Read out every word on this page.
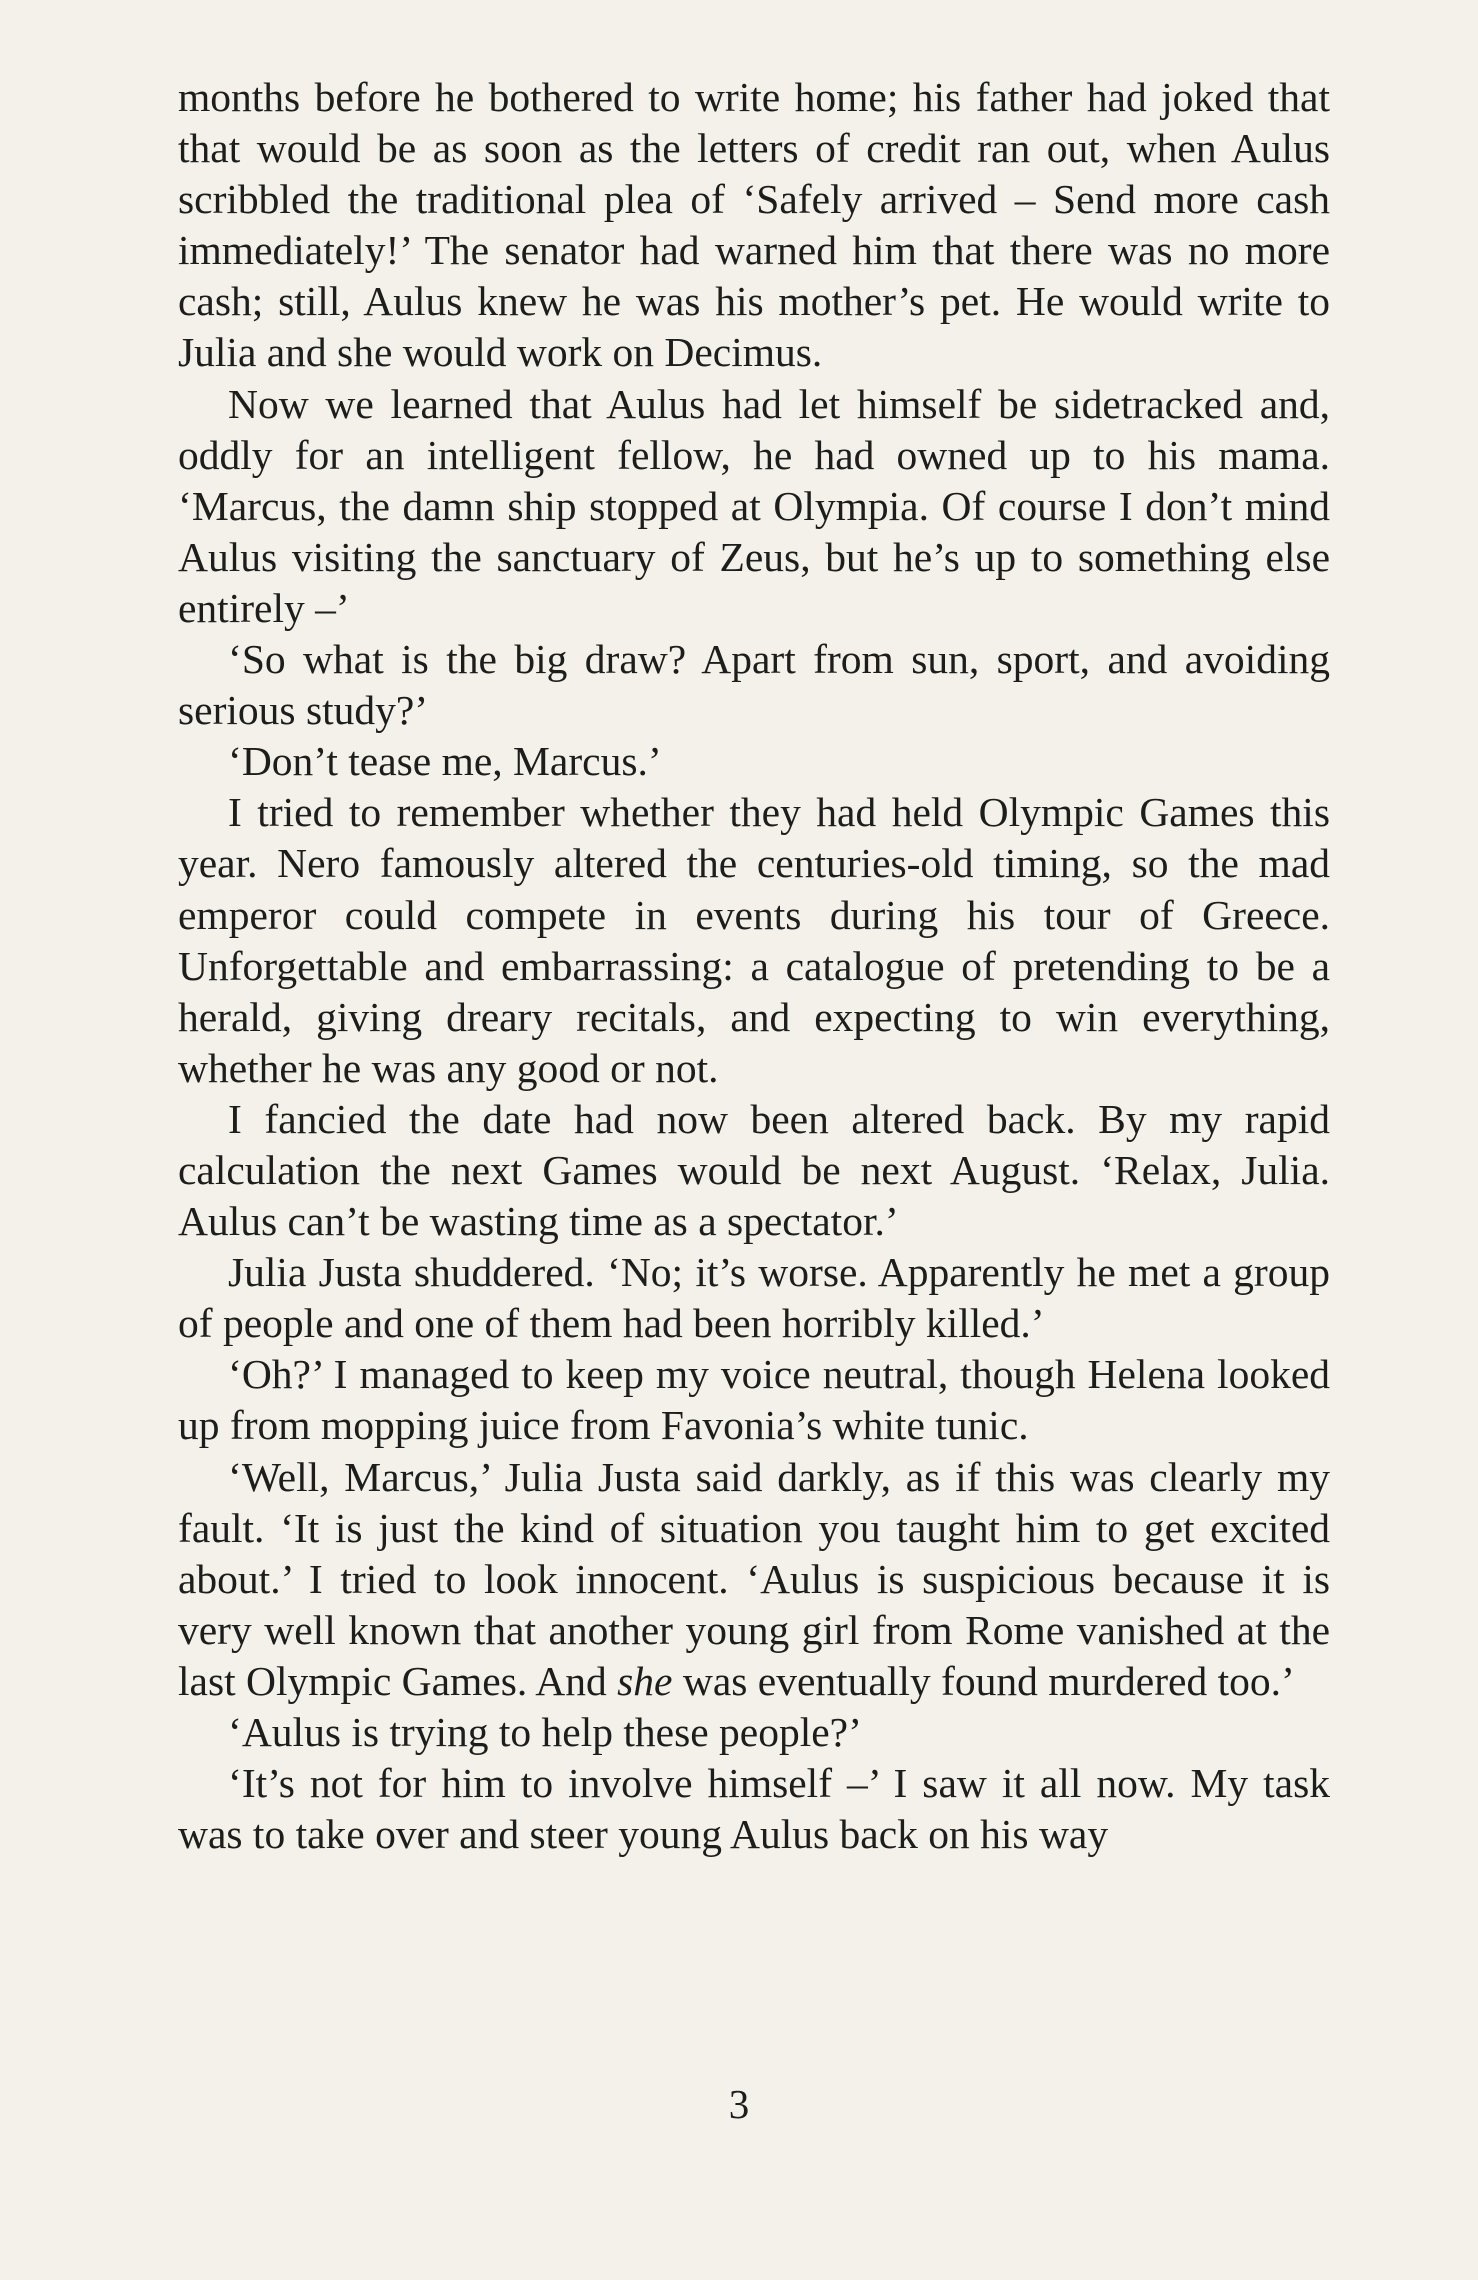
months before he bothered to write home; his father had joked that that would be as soon as the letters of credit ran out, when Aulus scribbled the traditional plea of ‘Safely arrived – Send more cash immediately!’ The senator had warned him that there was no more cash; still, Aulus knew he was his mother’s pet. He would write to Julia and she would work on Decimus.

Now we learned that Aulus had let himself be sidetracked and, oddly for an intelligent fellow, he had owned up to his mama. ‘Marcus, the damn ship stopped at Olympia. Of course I don’t mind Aulus visiting the sanctuary of Zeus, but he’s up to something else entirely –’

‘So what is the big draw? Apart from sun, sport, and avoiding serious study?’

‘Don’t tease me, Marcus.’

I tried to remember whether they had held Olympic Games this year. Nero famously altered the centuries-old timing, so the mad emperor could compete in events during his tour of Greece. Unforgettable and embarrassing: a catalogue of pretending to be a herald, giving dreary recitals, and expecting to win everything, whether he was any good or not.

I fancied the date had now been altered back. By my rapid calculation the next Games would be next August. ‘Relax, Julia. Aulus can’t be wasting time as a spectator.’

Julia Justa shuddered. ‘No; it’s worse. Apparently he met a group of people and one of them had been horribly killed.’

‘Oh?’ I managed to keep my voice neutral, though Helena looked up from mopping juice from Favonia’s white tunic.

‘Well, Marcus,’ Julia Justa said darkly, as if this was clearly my fault. ‘It is just the kind of situation you taught him to get excited about.’ I tried to look innocent. ‘Aulus is suspicious because it is very well known that another young girl from Rome vanished at the last Olympic Games. And she was eventually found murdered too.’

‘Aulus is trying to help these people?’

‘It’s not for him to involve himself –’ I saw it all now. My task was to take over and steer young Aulus back on his way

3
